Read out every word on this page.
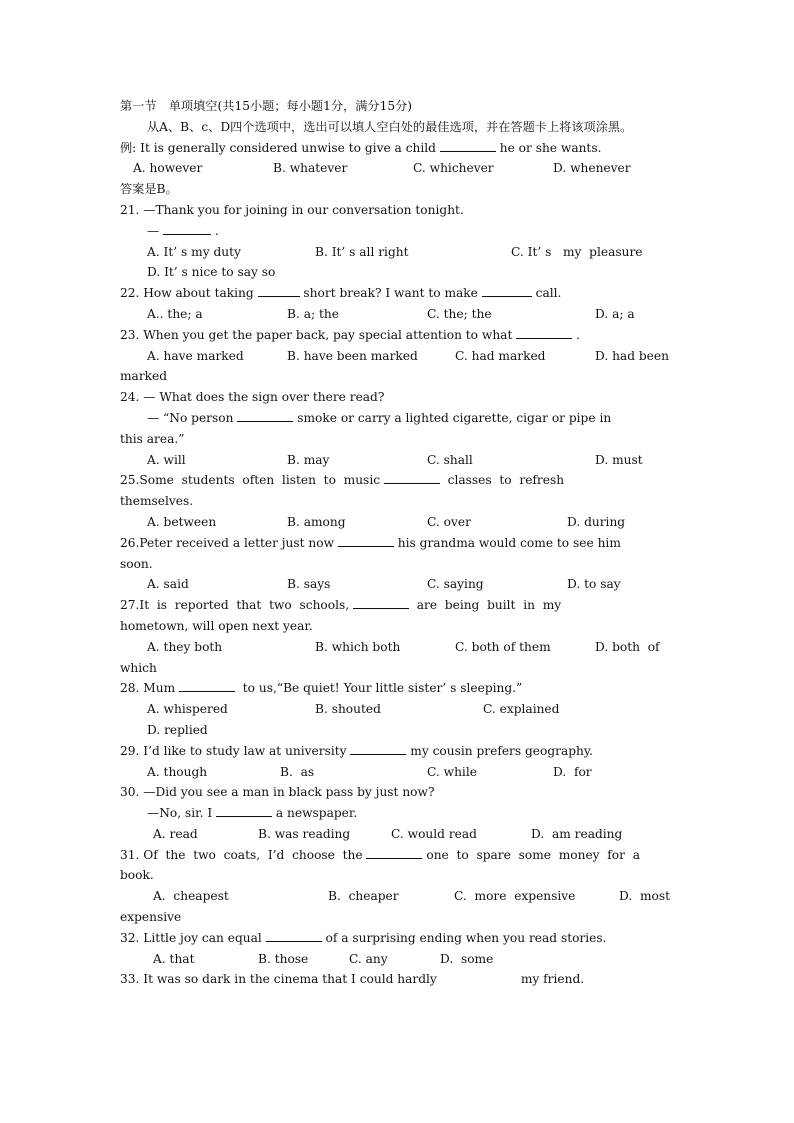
第一节　单项填空(共15小题；每小题1分，满分15分)
从A、B、c、D四个选项中，选出可以填人空白处的最佳选项，并在答题卡上将该项涂黑。
例: It is generally considered unwise to give a child	he or she wants.
A. however	B. whatever	C. whichever	D. whenever
答案是B。
21. —Thank you for joining in our conversation tonight.
—	.
A. It’ s my duty	B. It’ s all right	C. It’ s   my  pleasure
D. It’ s nice to say so
22. How about taking	short break? I want to make	call.
A.. the; a	B. a; the	C. the; the	D. a; a
23. When you get the paper back, pay special attention to what	.
A. have marked	B. have been marked	C. had marked	D. had been
marked
24. — What does the sign over there read?
— “No person	smoke or carry a lighted cigarette, cigar or pipe in
this area.”
A. will	B. may	C. shall	D. must
25.Some  students  often  listen  to  music	classes  to  refresh
themselves.
A. between	B. among	C. over	D. during
26.Peter received a letter just now	his grandma would come to see him
soon.
A. said	B. says	C. saying	D. to say
27.It  is  reported  that  two  schools,	are  being  built  in  my
hometown, will open next year.
A. they both	B. which both	C. both of them	D. both  of
which
28. Mum	to us,“Be quiet! Your little sister’ s sleeping.”
A. whispered	B. shouted	C. explained
D. replied
29. I’d like to study law at university	my cousin prefers geography.
A. though	B.  as	C. while	D.  for
30. —Did you see a man in black pass by just now?
—No, sir. I	a newspaper.
A. read	B. was reading	C. would read	D.  am reading
31. Of  the  two  coats,  I’d  choose  the	one  to  spare  some  money  for  a
book.
A.  cheapest	B.  cheaper	C.  more  expensive	D.  most
expensive
32. Little joy can equal	of a surprising ending when you read stories.
A. that	B. those	C. any	D.  some
33. It was so dark in the cinema that I could hardly	my friend.
